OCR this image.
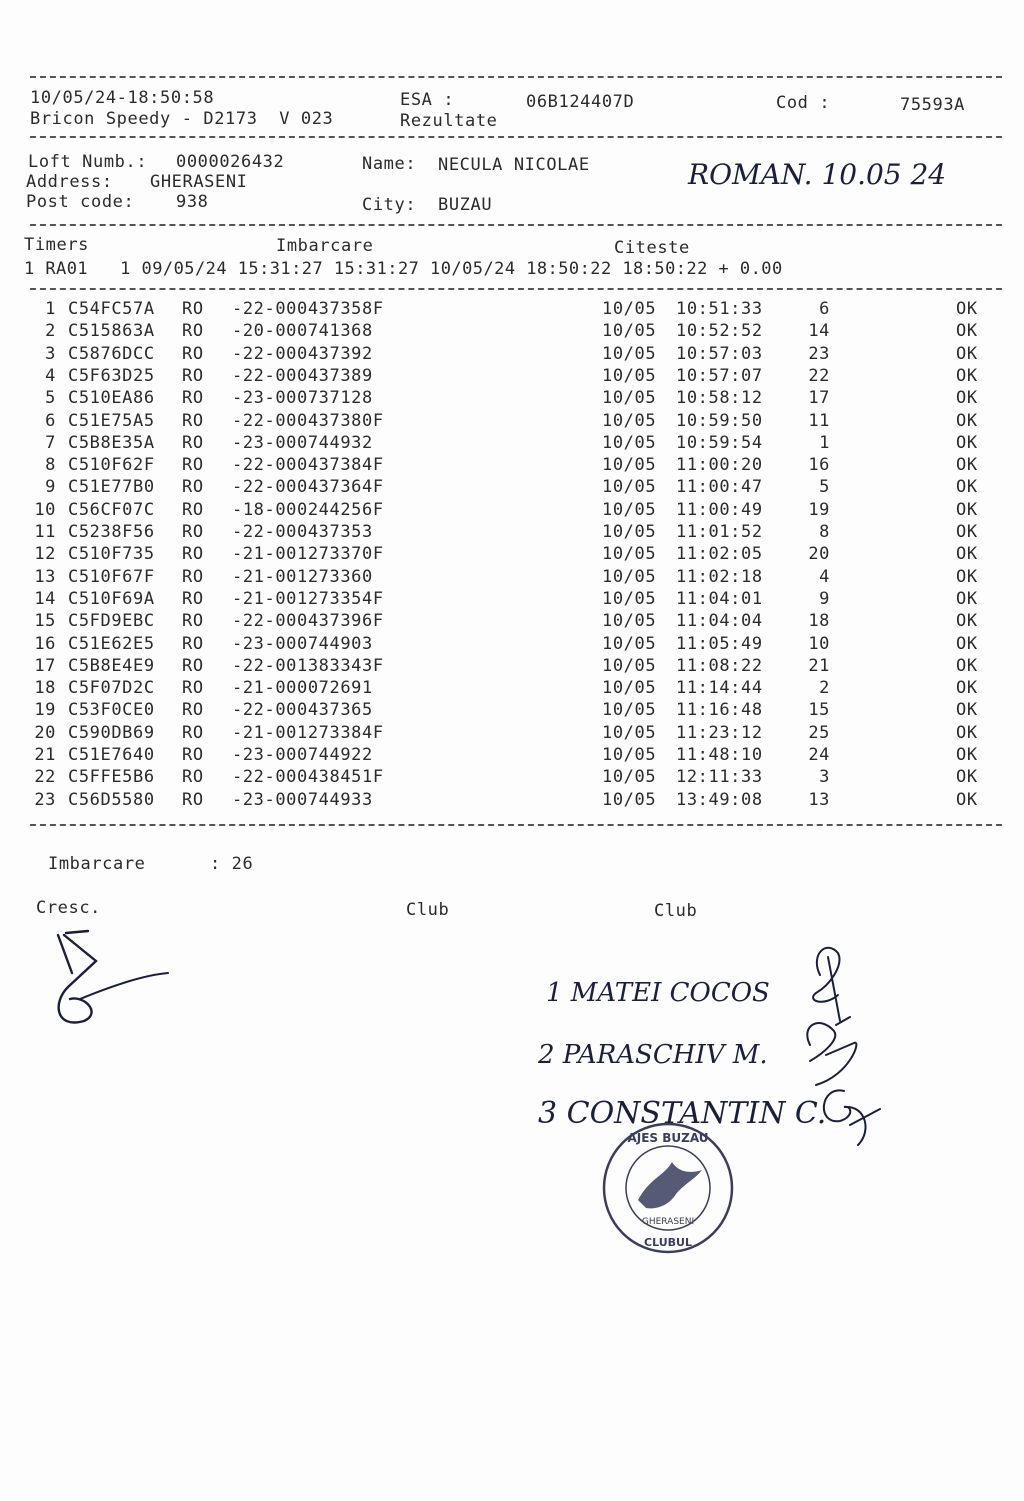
10/05/24-18:50:58	ESA :	06B124407D	Cod :	75593A
Bricon Speedy - D2173  V 023	Rezultate
Loft Numb.: 0000026432	Name: NECULA NICOLAE	ROMAN. 10.05 24
Address: GHERASENI
Post code: 938	City: BUZAU
Timers	Imbarcare	Citeste
1 RA01   1 09/05/24 15:31:27 15:31:27 10/05/24 18:50:22 18:50:22 + 0.00
1 C54FC57A RO -22-000437358F	10/05 10:51:33	6	OK
2 C515863A RO -20-000741368	10/05 10:52:52	14	OK
3 C5876DCC RO -22-000437392	10/05 10:57:03	23	OK
4 C5F63D25 RO -22-000437389	10/05 10:57:07	22	OK
5 C510EA86 RO -23-000737128	10/05 10:58:12	17	OK
6 C51E75A5 RO -22-000437380F	10/05 10:59:50	11	OK
7 C5B8E35A RO -23-000744932	10/05 10:59:54	1	OK
8 C510F62F RO -22-000437384F	10/05 11:00:20	16	OK
9 C51E77B0 RO -22-000437364F	10/05 11:00:47	5	OK
10 C56CF07C RO -18-000244256F	10/05 11:00:49	19	OK
11 C5238F56 RO -22-000437353	10/05 11:01:52	8	OK
12 C510F735 RO -21-001273370F	10/05 11:02:05	20	OK
13 C510F67F RO -21-001273360	10/05 11:02:18	4	OK
14 C510F69A RO -21-001273354F	10/05 11:04:01	9	OK
15 C5FD9EBC RO -22-000437396F	10/05 11:04:04	18	OK
16 C51E62E5 RO -23-000744903	10/05 11:05:49	10	OK
17 C5B8E4E9 RO -22-001383343F	10/05 11:08:22	21	OK
18 C5F07D2C RO -21-000072691	10/05 11:14:44	2	OK
19 C53F0CE0 RO -22-000437365	10/05 11:16:48	15	OK
20 C590DB69 RO -21-001273384F	10/05 11:23:12	25	OK
21 C51E7640 RO -23-000744922	10/05 11:48:10	24	OK
22 C5FFE5B6 RO -22-000438451F	10/05 12:11:33	3	OK
23 C56D5580 RO -23-000744933	10/05 13:49:08	13	OK
Imbarcare	: 26
Cresc.	Club	Club
1 MATEI COCOS
2 PARASCHIV M.
3 CONSTANTIN C.
AJES BUZAU
CLUBUL
GHERASENI
